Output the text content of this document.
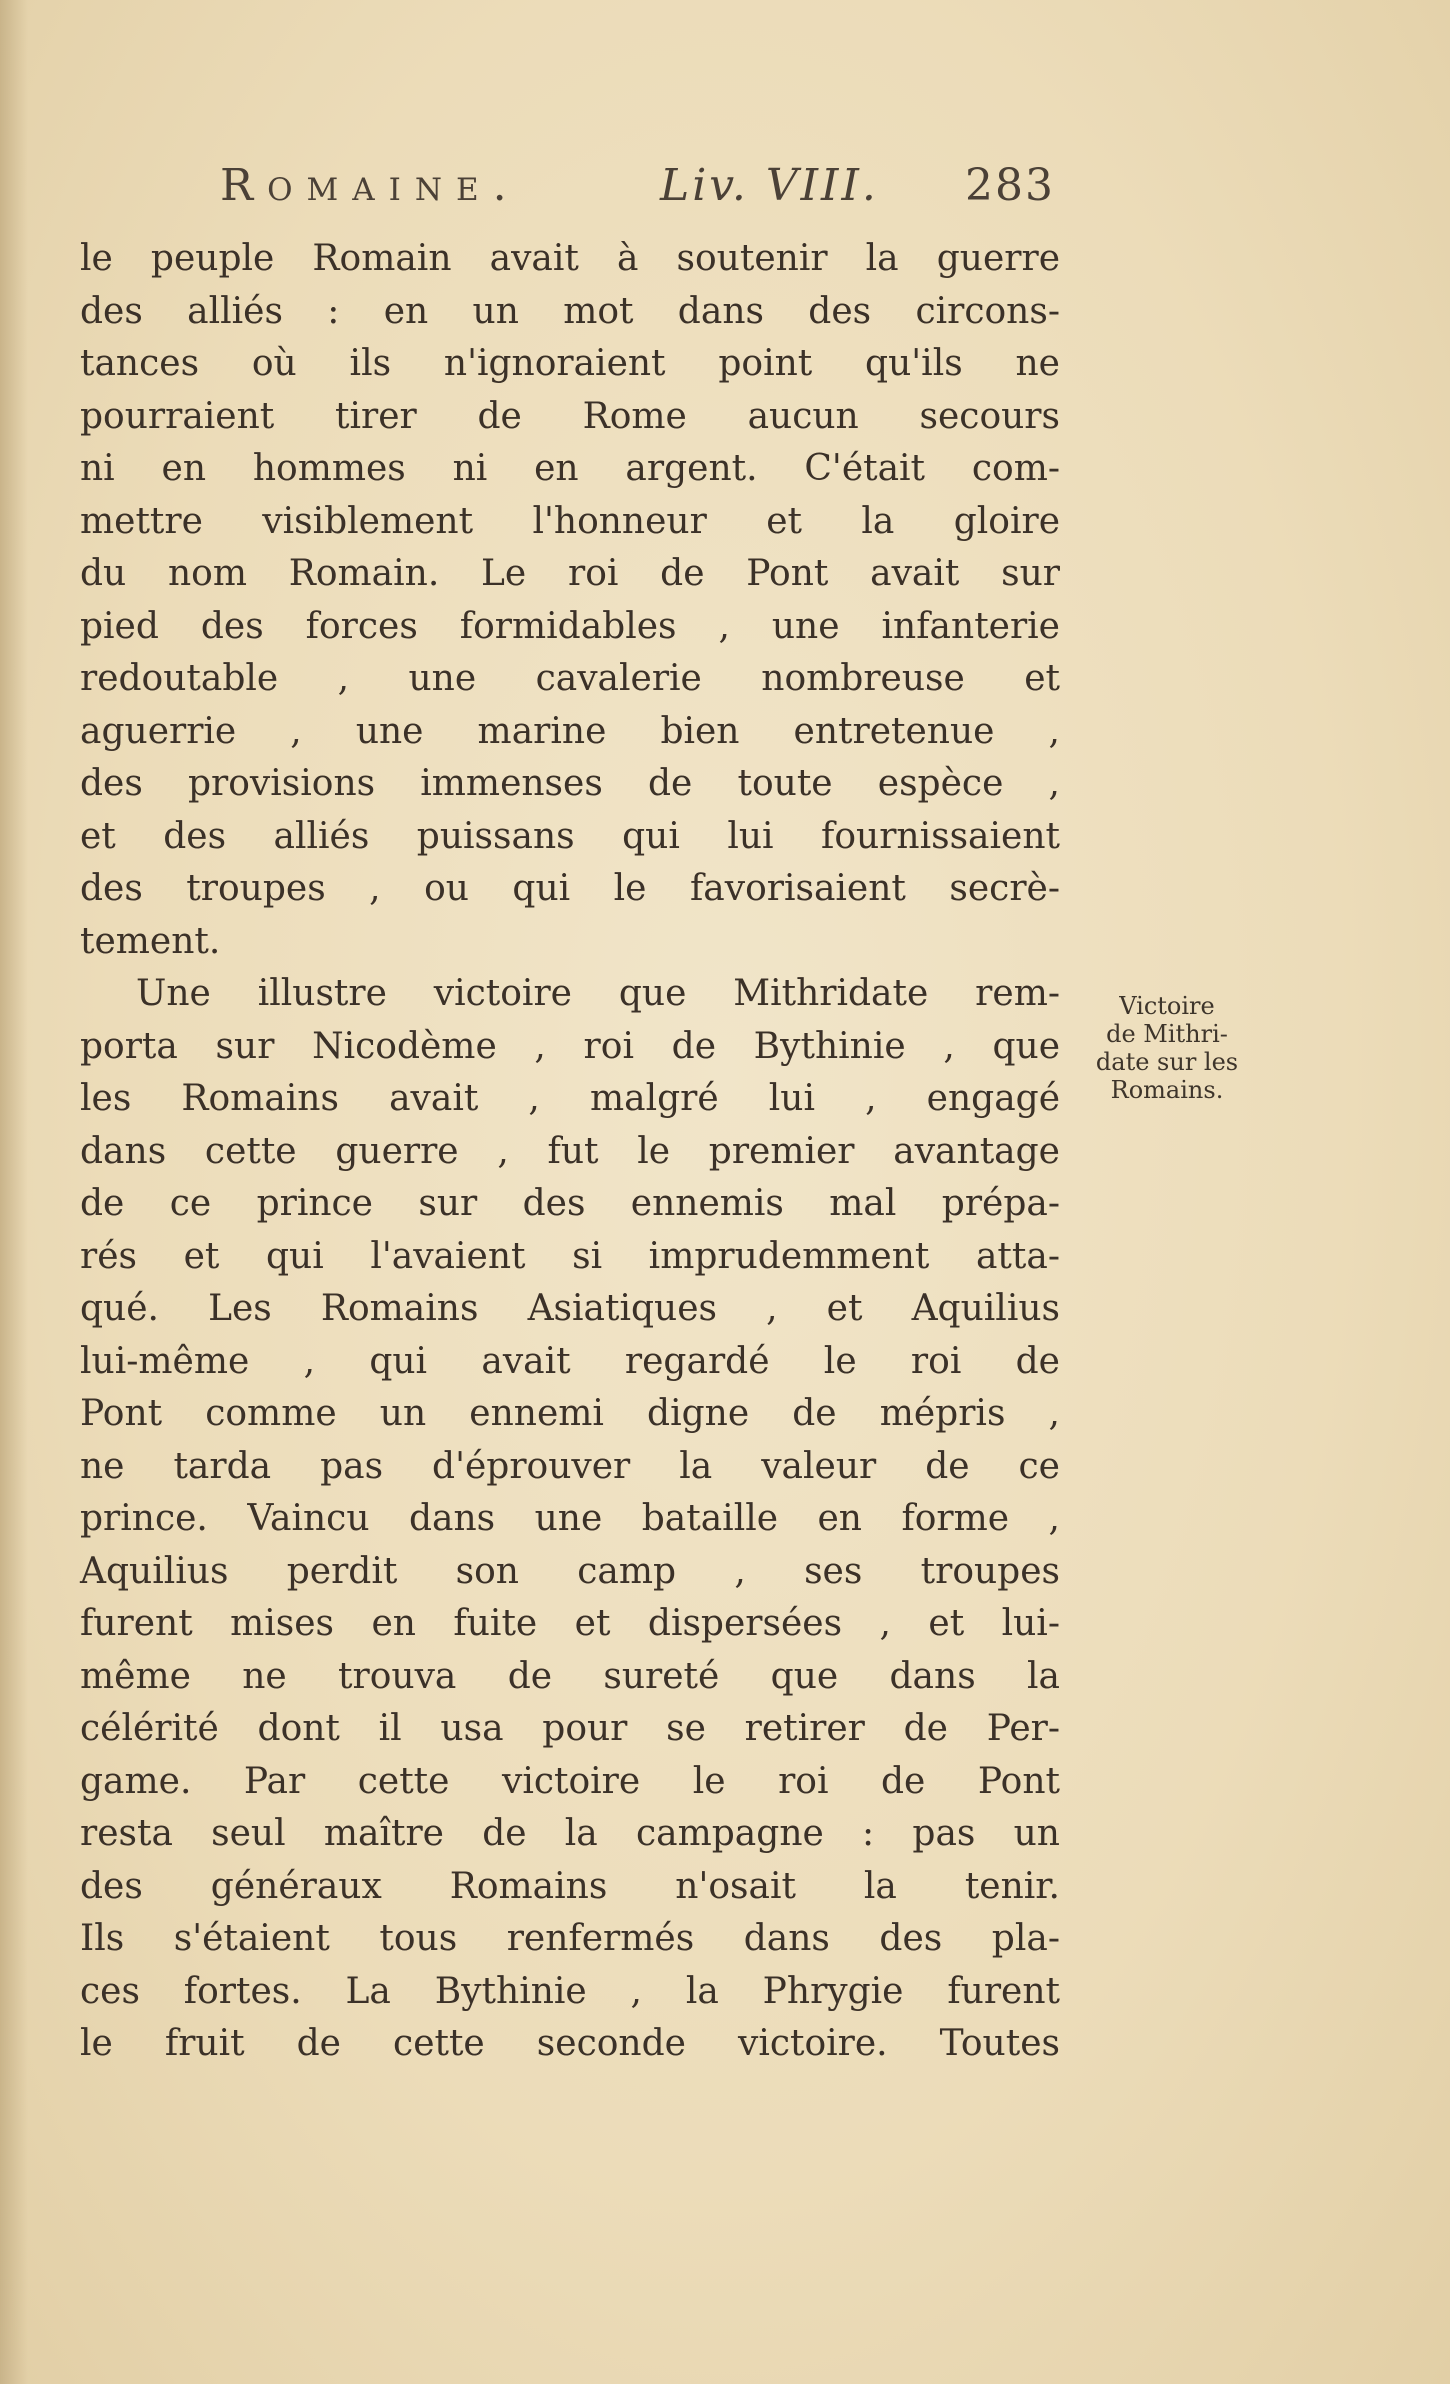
Romaine.	Liv. VIII. 283
le peuple Romain avait à soutenir la guerre
des alliés : en un mot dans des circons-
tances où ils n'ignoraient point qu'ils ne
pourraient tirer de Rome aucun secours
ni en hommes ni en argent. C'était com-
mettre visiblement l'honneur et la gloire
du nom Romain. Le roi de Pont avait sur
pied des forces formidables , une infanterie
redoutable , une cavalerie nombreuse et
aguerrie , une marine bien entretenue ,
des provisions immenses de toute espèce ,
et des alliés puissans qui lui fournissaient
des troupes , ou qui le favorisaient secrè-
tement.
Une illustre victoire que Mithridate rem-
porta sur Nicodème , roi de Bythinie , que
les Romains avait , malgré lui , engagé
dans cette guerre , fut le premier avantage
de ce prince sur des ennemis mal prépa-
rés et qui l'avaient si imprudemment atta-
qué. Les Romains Asiatiques , et Aquilius
lui-même , qui avait regardé le roi de
Pont comme un ennemi digne de mépris ,
ne tarda pas d'éprouver la valeur de ce
prince. Vaincu dans une bataille en forme ,
Aquilius perdit son camp , ses troupes
furent mises en fuite et dispersées , et lui-
même ne trouva de sureté que dans la
célérité dont il usa pour se retirer de Per-
game. Par cette victoire le roi de Pont
resta seul maître de la campagne : pas un
des généraux Romains n'osait la tenir.
Ils s'étaient tous renfermés dans des pla-
ces fortes. La Bythinie , la Phrygie furent
le fruit de cette seconde victoire. Toutes
Victoire
de Mithri-
date sur les
Romains.
